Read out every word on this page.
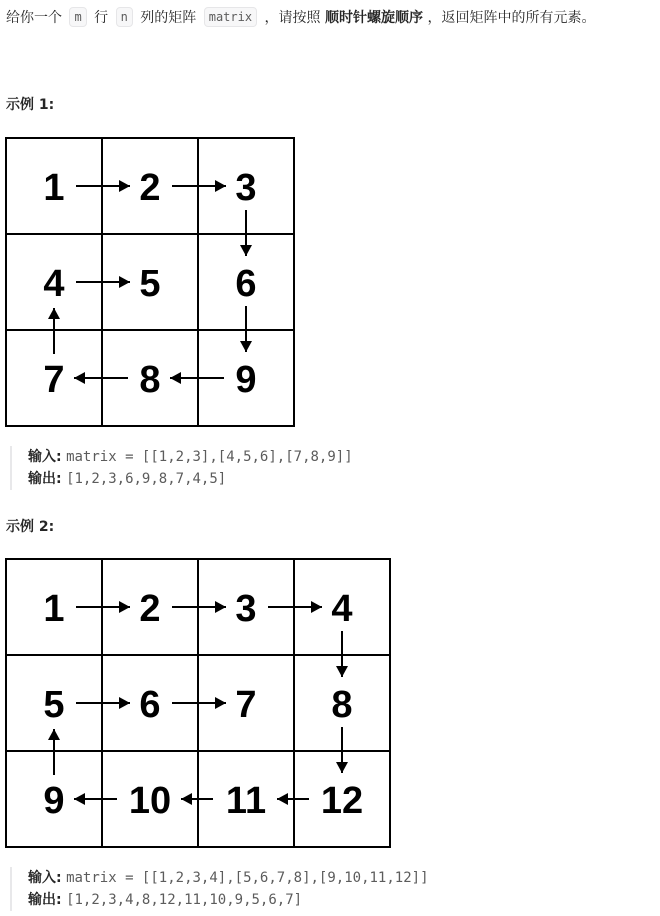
给你一个 m 行 n 列的矩阵 matrix ，请按照 顺时针螺旋顺序 ，返回矩阵中的所有元素。
示例 1:
1 2 3
4 5 6
7 8 9
输入: matrix = [[1,2,3],[4,5,6],[7,8,9]]
输出: [1,2,3,6,9,8,7,4,5]
示例 2:
1 2 3 4
5 6 7 8
9 10 11 12
输入: matrix = [[1,2,3,4],[5,6,7,8],[9,10,11,12]]
输出: [1,2,3,4,8,12,11,10,9,5,6,7]
